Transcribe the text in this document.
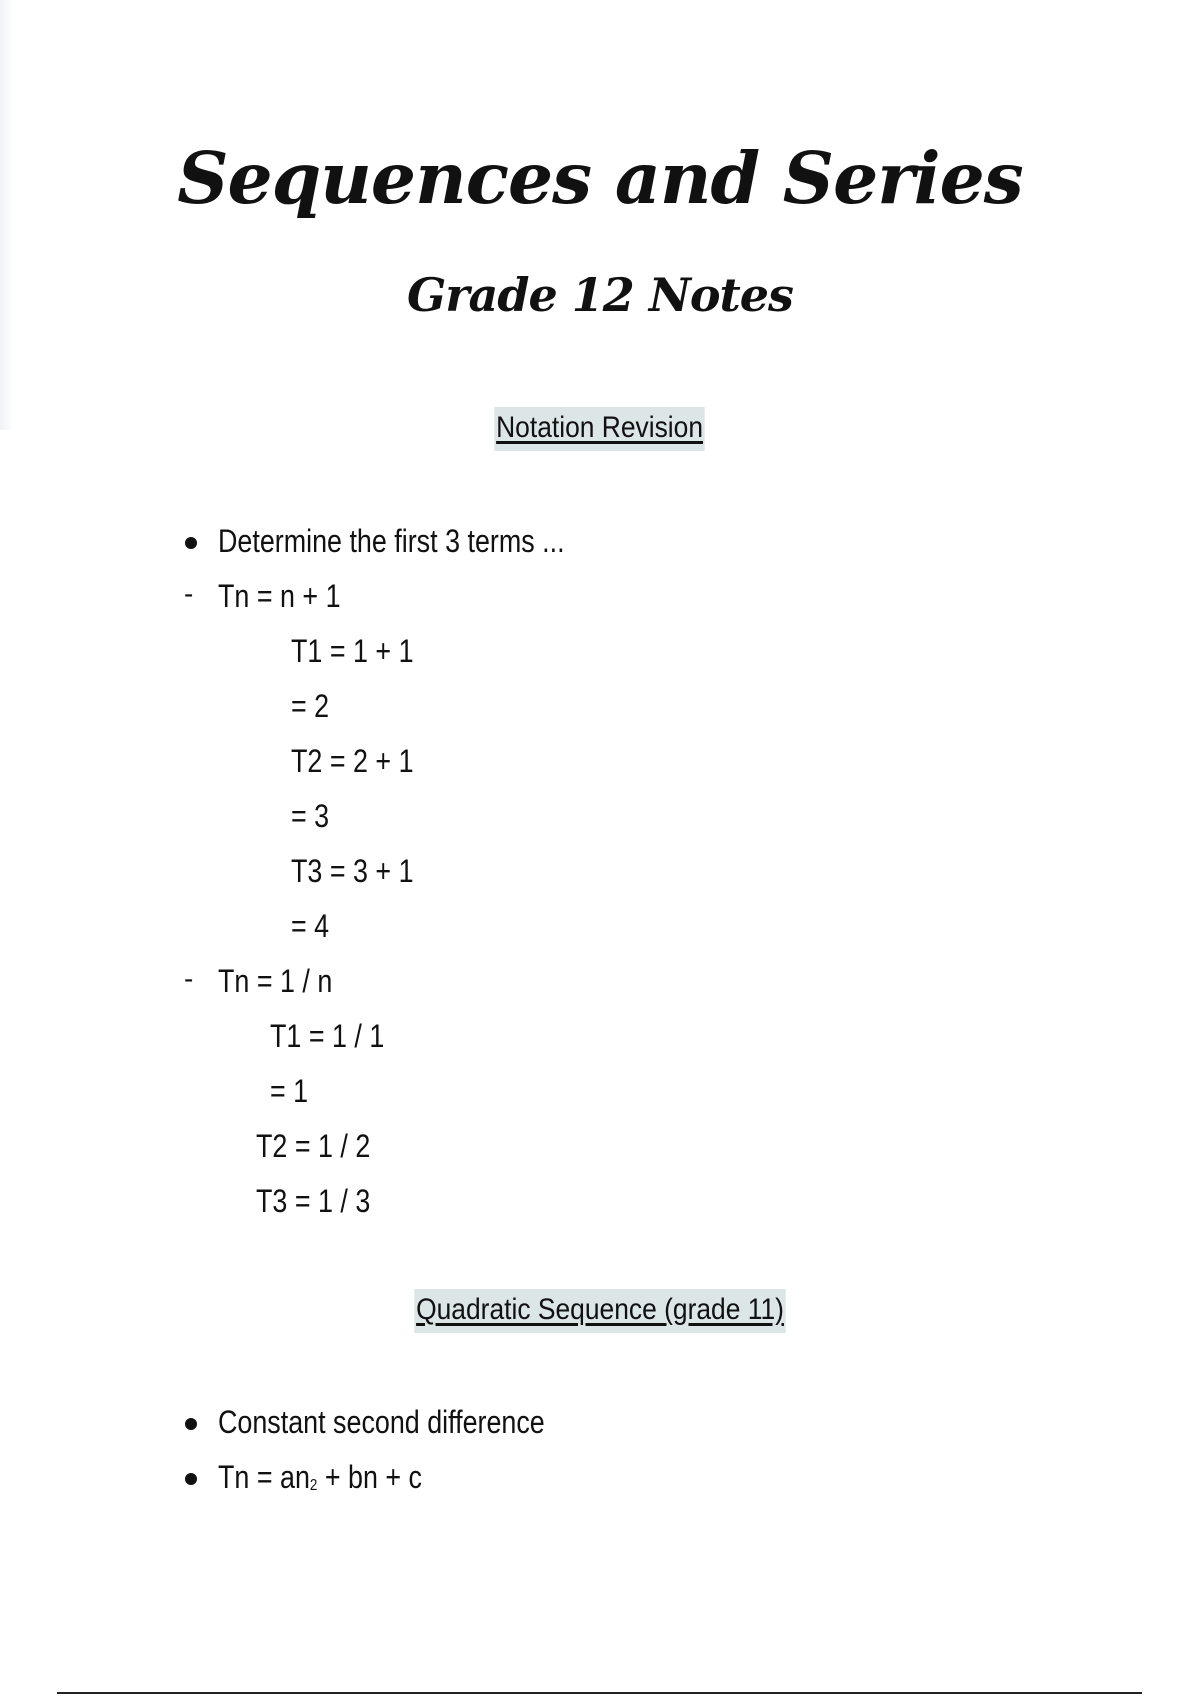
Sequences and Series
Grade 12 Notes
Notation Revision
Determine the first 3 terms ...
- Tn = n + 1
T1 = 1 + 1
= 2
T2 = 2 + 1
= 3
T3 = 3 + 1
= 4
- Tn = 1 / n
T1 = 1 / 1
= 1
T2 = 1 / 2
T3 = 1 / 3
Quadratic Sequence (grade 11)
Constant second difference
$Tn = an_2$ + bn + c
